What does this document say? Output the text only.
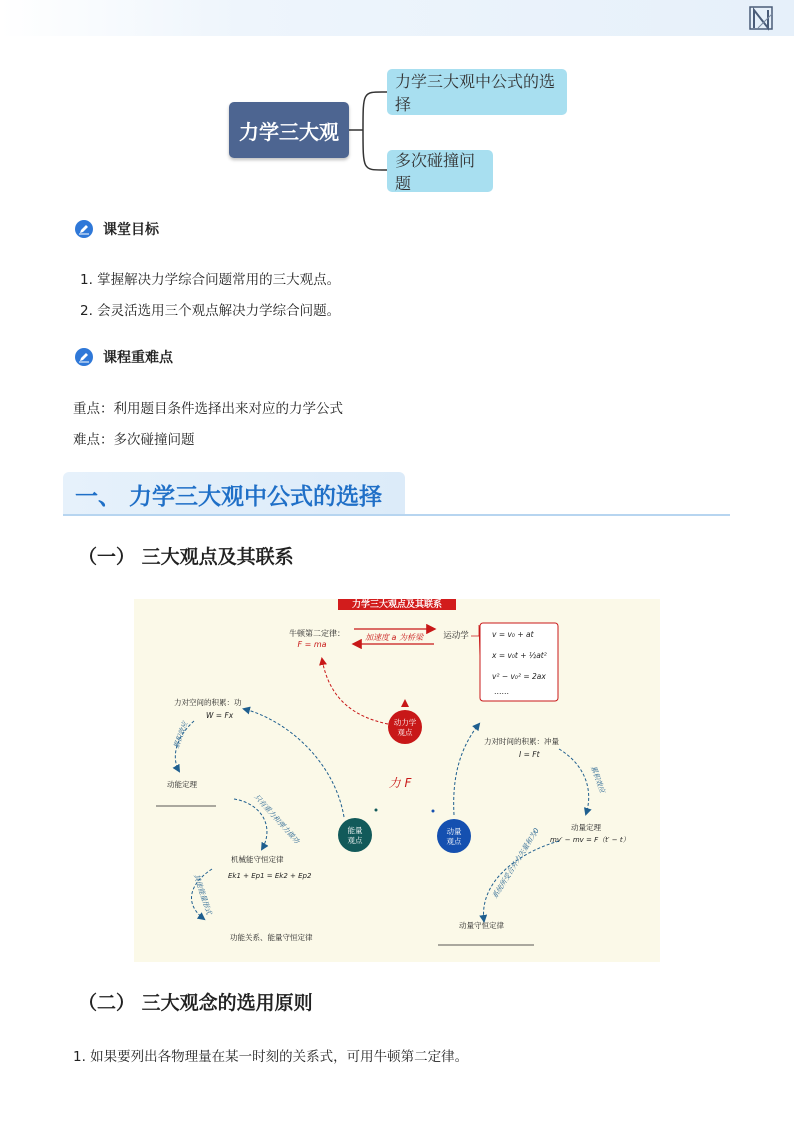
力学三大观
力学三大观中公式的选择
多次碰撞问题
课堂目标
1. 掌握解决力学综合问题常用的三大观点。
2. 会灵活选用三个观点解决力学综合问题。
课程重难点
重点：利用题目条件选择出来对应的力学公式
难点：多次碰撞问题
一、 力学三大观中公式的选择
（一） 三大观点及其联系
力学三大观点及其联系
牛顿第二定律：
F = ma
加速度 a 为桥梁 运动学	v = v₀ + at
x = v₀t + ½at²
v² − v₀² = 2ax
……
动力学
观点
力 F
力对空间的积累：功
W = Fx
累积效应
动能定理
只有重力和弹力做功
机械能守恒定律
Ek1 + Ep1 = Ek2 + Ep2
其他能量形式
功能关系、能量守恒定律
能量
观点
动量
观点
力对时间的积累：冲量
I = Ft
累积效应
动量定理
mv′ − mv = F（t′ − t）
系统所受合外力矢量和为0
动量守恒定律
（二） 三大观念的选用原则
1. 如果要列出各物理量在某一时刻的关系式，可用牛顿第二定律。
